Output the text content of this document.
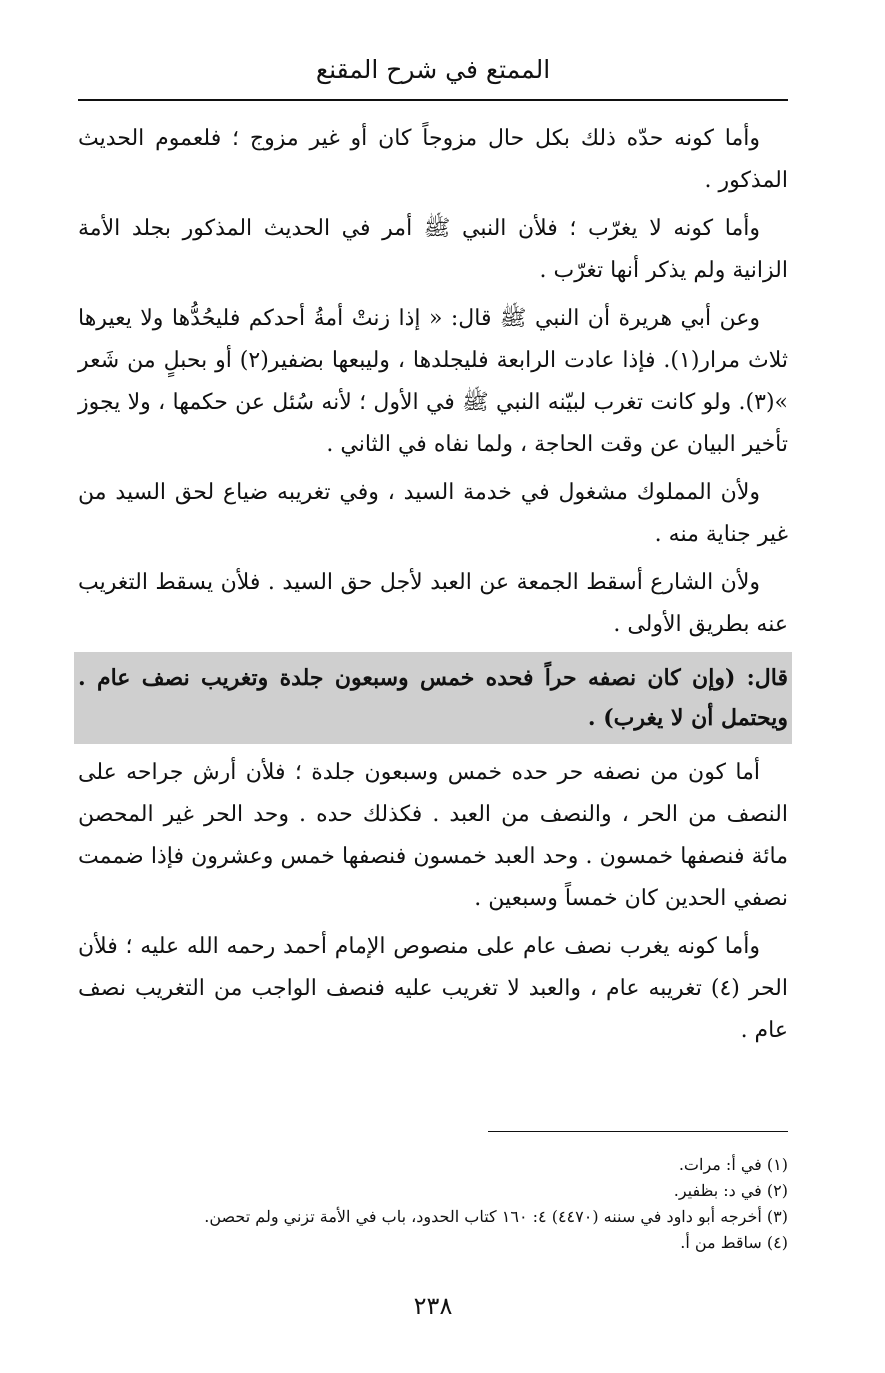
الممتع في شرح المقنع

وأما كونه حدّه ذلك بكل حال مزوجاً كان أو غير مزوج ؛ فلعموم الحديث المذكور .

وأما كونه لا يغرّب ؛ فلأن النبي ﷺ أمر في الحديث المذكور بجلد الأمة الزانية ولم يذكر أنها تغرّب .

وعن أبي هريرة أن النبي ﷺ قال: « إذا زنتْ أمةُ أحدكم فليحُدُّها ولا يعيرها ثلاث مرار(١). فإذا عادت الرابعة فليجلدها ، وليبعها بضفير(٢) أو بحبلٍ من شَعر »(٣). ولو كانت تغرب لبيّنه النبي ﷺ في الأول ؛ لأنه سُئل عن حكمها ، ولا يجوز تأخير البيان عن وقت الحاجة ، ولما نفاه في الثاني .

ولأن المملوك مشغول في خدمة السيد ، وفي تغريبه ضياع لحق السيد من غير جناية منه .

ولأن الشارع أسقط الجمعة عن العبد لأجل حق السيد . فلأن يسقط التغريب عنه بطريق الأولى .

قال: (وإن كان نصفه حراً فحده خمس وسبعون جلدة وتغريب نصف عام . ويحتمل أن لا يغرب) .

أما كون من نصفه حر حده خمس وسبعون جلدة ؛ فلأن أرش جراحه على النصف من الحر ، والنصف من العبد . فكذلك حده . وحد الحر غير المحصن مائة فنصفها خمسون . وحد العبد خمسون فنصفها خمس وعشرون فإذا ضممت نصفي الحدين كان خمساً وسبعين .

وأما كونه يغرب نصف عام على منصوص الإمام أحمد رحمه الله عليه ؛ فلأن الحر (٤) تغريبه عام ، والعبد لا تغريب عليه فنصف الواجب من التغريب نصف عام .

(١) في أ: مرات.

(٢) في د: بظفير.

(٣) أخرجه أبو داود في سننه (٤٤٧٠) ٤: ١٦٠ كتاب الحدود، باب في الأمة تزني ولم تحصن.

(٤) ساقط من أ.

٢٣٨
